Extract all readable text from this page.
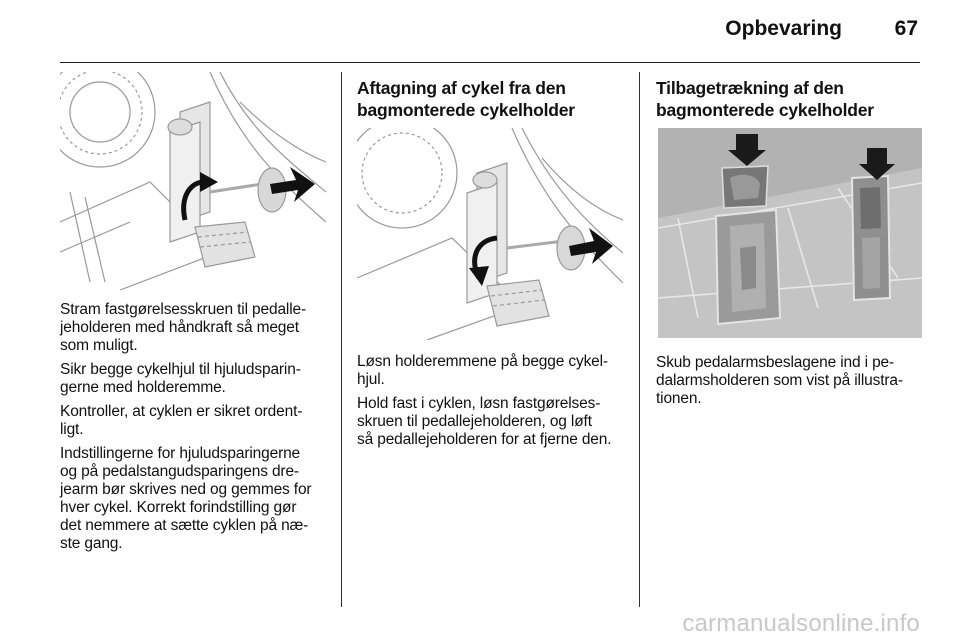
Opbevaring	67
Stram fastgørelsesskruen til pedalle-
jeholderen med håndkraft så meget
som muligt.
Sikr begge cykelhjul til hjuludsparin-
gerne med holderemme.
Kontroller, at cyklen er sikret ordent-
ligt.
Indstillingerne for hjuludsparingerne
og på pedalstangudsparingens dre-
jearm bør skrives ned og gemmes for
hver cykel. Korrekt forindstilling gør
det nemmere at sætte cyklen på næ-
ste gang.
Aftagning af cykel fra den
bagmonterede cykelholder
Løsn holderemmene på begge cykel-
hjul.
Hold fast i cyklen, løsn fastgørelses-
skruen til pedallejeholderen, og løft
så pedallejeholderen for at fjerne den.
Tilbagetrækning af den
bagmonterede cykelholder
Skub pedalarmsbeslagene ind i pe-
dalarmsholderen som vist på illustra-
tionen.
carmanualsonline.info
